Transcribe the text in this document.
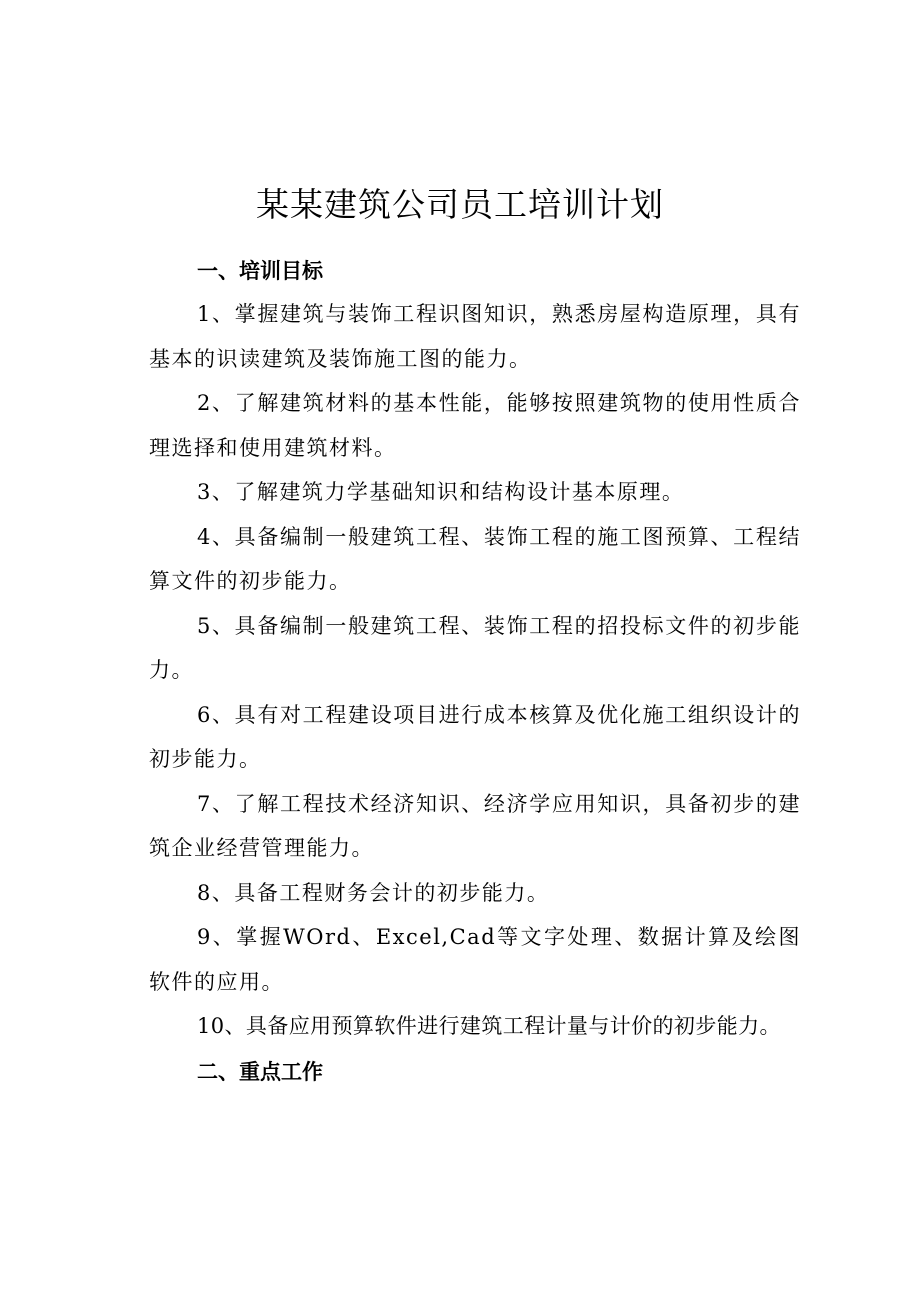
某某建筑公司员工培训计划
一、培训目标

1、掌握建筑与装饰工程识图知识，熟悉房屋构造原理，具有基本的识读建筑及装饰施工图的能力。

2、了解建筑材料的基本性能，能够按照建筑物的使用性质合理选择和使用建筑材料。

3、了解建筑力学基础知识和结构设计基本原理。

4、具备编制一般建筑工程、装饰工程的施工图预算、工程结算文件的初步能力。

5、具备编制一般建筑工程、装饰工程的招投标文件的初步能力。

6、具有对工程建设项目进行成本核算及优化施工组织设计的初步能力。

7、了解工程技术经济知识、经济学应用知识，具备初步的建筑企业经营管理能力。

8、具备工程财务会计的初步能力。

9、掌握WOrd、Excel,Cad等文字处理、数据计算及绘图软件的应用。

10、具备应用预算软件进行建筑工程计量与计价的初步能力。

二、重点工作
